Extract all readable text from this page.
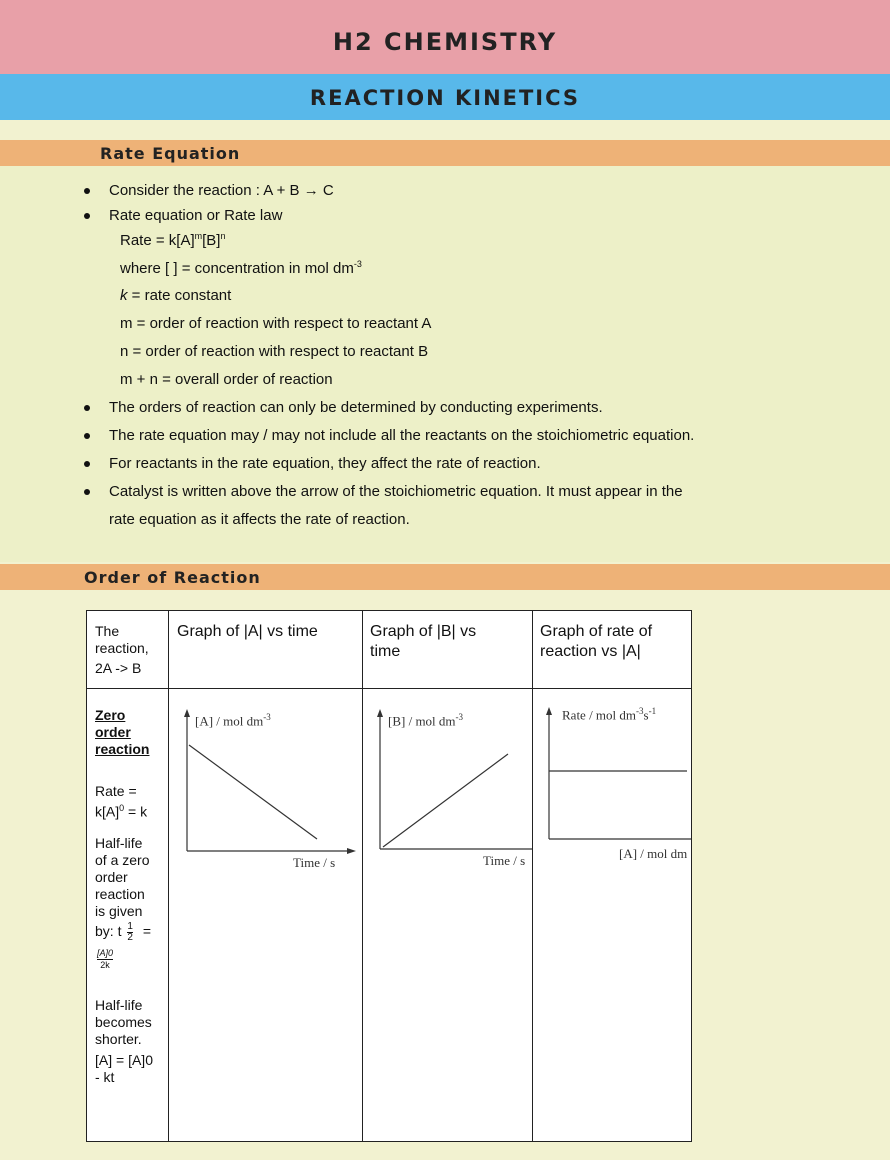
H2 CHEMISTRY
REACTION KINETICS
Rate Equation
Consider the reaction : A + B → C
Rate equation or Rate law
Rate = $k[A]^m[B]^n$
where [ ] = concentration in mol $dm^{-3}$
k = rate constant
m = order of reaction with respect to reactant A
n = order of reaction with respect to reactant B
m + n = overall order of reaction
The orders of reaction can only be determined by conducting experiments.
The rate equation may / may not include all the reactants on the stoichiometric equation.
For reactants in the rate equation, they affect the rate of reaction.
Catalyst is written above the arrow of the stoichiometric equation. It must appear in the
rate equation as it affects the rate of reaction.
Order of Reaction
The
reaction,
2A -> B
Graph of |A| vs time	Graph of |B| vs
time
Graph of rate of
reaction vs |A|
Zero
order
reaction
Rate =
$k[A]^0 = k$
Half-life
of a zero
order
reaction
is given
by: t $\frac{1}{2}$ =
$\frac{[A]0}{2k}$
Half-life
becomes
shorter.
[A] = [A]0
- kt
[A] / mol $dm^{-3}$
Time / s
[B] / mol $dm^{-3}$
Time / s
Rate / mol $dm^{-3}s^{-1}$
[A] / mol dm
